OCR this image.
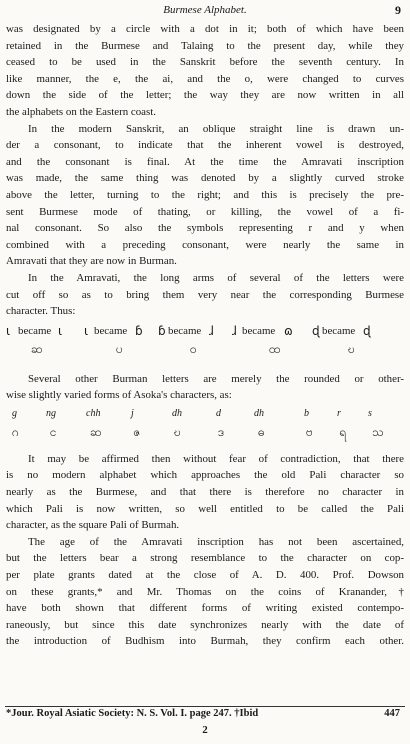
Burmese Alphabet.	9
was designated by a circle with a dot in it; both of which have been
retained in the Burmese and Talaing to the present day, while they
ceased to be used in the Sanskrit before the seventh century. In
like manner, the e, the ai, and the o, were changed to curves
down the side of the letter; the way they are now written in all
the alphabets on the Eastern coast.
In the modern Sanskrit, an oblique straight line is drawn un-
der a consonant, to indicate that the inherent vowel is destroyed,
and the consonant is final. At the time the Amravati inscription
was made, the same thing was denoted by a slightly curved stroke
above the letter, turning to the right; and this is precisely the pre-
sent Burmese mode of thating, or killing, the vowel of a fi-
nal consonant. So also the symbols representing r and y when
combined with a preceding consonant, were nearly the same in
Amravati that they are now in Burman.
In the Amravati, the long arms of several of the letters were
cut off so as to bring them very near the corresponding Burmese
character. Thus:
ɩ became ɩ ɩ became ɓ ɓ became ɺ ɺ became ɷ ɖ became ɖ
ဆ	ပ	ဝ	ထ	ဎ
Several other Burman letters are merely the rounded or other-
wise slightly varied forms of Asoka's characters, as:
g	ng	chh	j	dh	d	dh	b	r	s
ဂ	င	ဆ	ဇ	ဎ	ဒ	ဓ	ဗ ရ သ
It may be affirmed then without fear of contradiction, that there
is no modern alphabet which approaches the old Pali character so
nearly as the Burmese, and that there is therefore no character in
which Pali is now written, so well entitled to be called the Pali
character, as the square Pali of Burmah.
The age of the Amravati inscription has not been ascertained,
but the letters bear a strong resemblance to the character on cop-
per plate grants dated at the close of A. D. 400. Prof. Dowson
on these grants,* and Mr. Thomas on the coins of Kranander,†
have both shown that different forms of writing existed contempo-
raneously, but since this date synchronizes nearly with the date of
the introduction of Budhism into Burmah, they confirm each other.
*Jour. Royal Asiatic Society: N. S. Vol. I. page 247. †Ibid	447
2
